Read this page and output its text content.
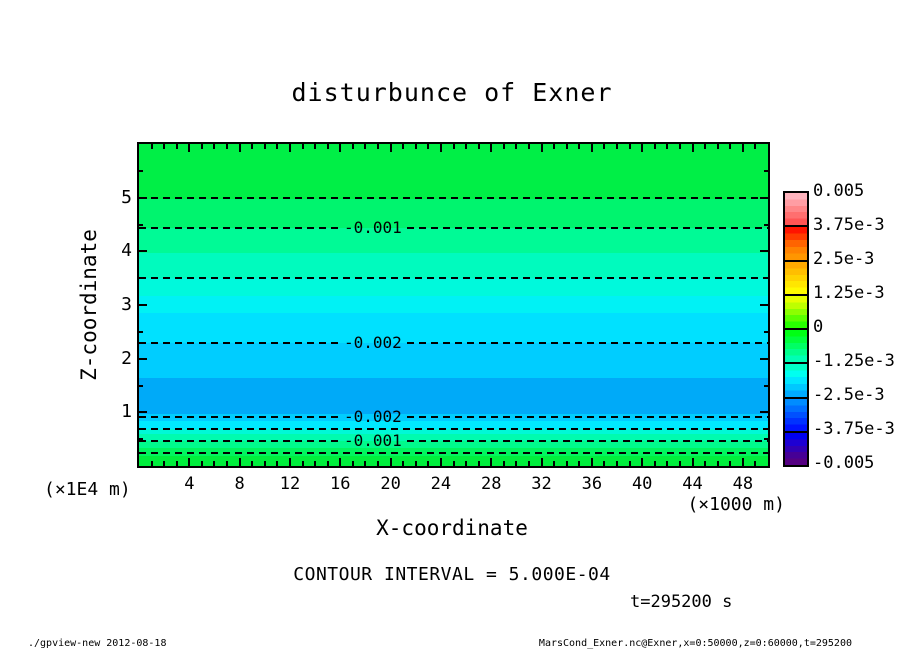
disturbunce of Exner
Z-coordinate
-0.001
-0.002
-0.002
-0.001
1
2
3
4
5
4 8 12 16 20 24 28 32 36 40 44 48
(×1E4 m)
(×1000 m)
X-coordinate
CONTOUR INTERVAL = 5.000E-04
t=295200 s
0.005
3.75e-3
2.5e-3
1.25e-3
0
-1.25e-3
-2.5e-3
-3.75e-3
-0.005
./gpview-new 2012-08-18	MarsCond_Exner.nc@Exner,x=0:50000,z=0:60000,t=295200
